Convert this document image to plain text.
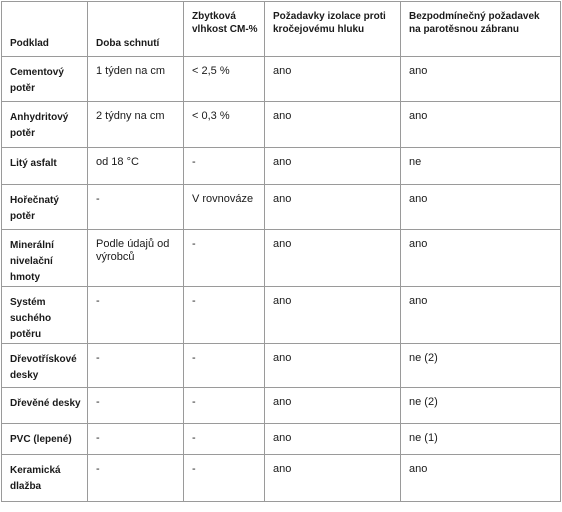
Podklad	Doba schnutí	Zbytková vlhkost CM-%	Požadavky izolace proti kročejovému hluku	Bezpodmínečný požadavek na parotěsnou zábranu
Cementový potěr	1 týden na cm	< 2,5 %	ano	ano
Anhydritový potěr	2 týdny na cm	< 0,3 %	ano	ano
Litý asfalt	od 18 °C	-	ano	ne
Hořečnatý potěr	-	V rovnováze	ano	ano
Minerální nivelační hmoty	Podle údajů od výrobců	-	ano	ano
Systém suchého potěru	-	-	ano	ano
Dřevotřískové desky	-	-	ano	ne (2)
Dřevěné desky	-	-	ano	ne (2)
PVC (lepené)	-	-	ano	ne (1)
Keramická dlažba	-	-	ano	ano
